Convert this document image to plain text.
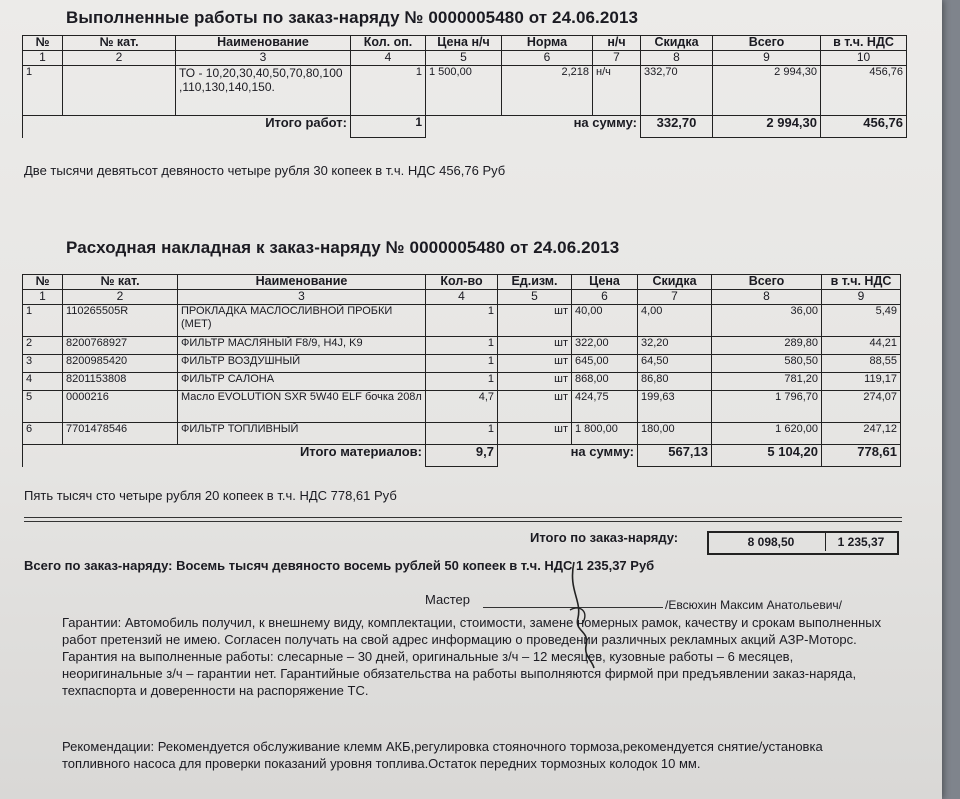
Выполненные работы по заказ-наряду № 0000005480 от 24.06.2013
№	№ кат.	Наименование	Кол. оп.	Цена н/ч	Норма	н/ч	Скидка	Всего	в т.ч. НДС
1	2	3	4	5	6	7	8	9	10
1		ТО - 10,20,30,40,50,70,80,100 ,110,130,140,150.	1	1 500,00	2,218	н/ч	332,70	2 994,30	456,76
Итого работ:			1	на сумму:			332,70	2 994,30	456,76
Две тысячи девятьсот девяносто четыре рубля 30 копеек в т.ч. НДС 456,76 Руб
Расходная накладная к заказ-наряду № 0000005480 от 24.06.2013
№	№ кат.	Наименование	Кол-во	Ед.изм.	Цена	Скидка	Всего	в т.ч. НДС
1	2	3	4	5	6	7	8	9
1	110265505R	ПРОКЛАДКА МАСЛОСЛИВНОЙ ПРОБКИ (МЕТ)	1	шт	40,00	4,00	36,00	5,49
2	8200768927	ФИЛЬТР МАСЛЯНЫЙ F8/9, H4J, K9	1	шт	322,00	32,20	289,80	44,21
3	8200985420	ФИЛЬТР ВОЗДУШНЫЙ	1	шт	645,00	64,50	580,50	88,55
4	8201153808	ФИЛЬТР САЛОНА	1	шт	868,00	86,80	781,20	119,17
5	0000216	Масло EVOLUTION SXR 5W40 ELF бочка 208л	4,7	шт	424,75	199,63	1 796,70	274,07
6	7701478546	ФИЛЬТР ТОПЛИВНЫЙ	1	шт	1 800,00	180,00	1 620,00	247,12
Итого материалов:			9,7	на сумму:		567,13	5 104,20	778,61
Пять тысяч сто четыре рубля 20 копеек в т.ч. НДС 778,61 Руб
Итого по заказ-наряду:	8 098,50	1 235,37
Всего по заказ-наряду: Восемь тысяч девяносто восемь рублей 50 копеек в т.ч. НДС 1 235,37 Руб
Мастер	/Евсюхин Максим Анатольевич/
Гарантии: Автомобиль получил, к внешнему виду, комплектации, стоимости, замене номерных рамок, качеству и срокам выполненных работ претензий не имею. Согласен получать на свой адрес информацию о проведении различных рекламных акций АЗР-Моторс. Гарантия на выполненные работы: слесарные – 30 дней, оригинальные з/ч – 12 месяцев, кузовные работы – 6 месяцев, неоригинальные з/ч – гарантии нет. Гарантийные обязательства на работы выполняются фирмой при предъявлении заказ-наряда, техпаспорта и доверенности на распоряжение ТС.
Рекомендации: Рекомендуется обслуживание клемм АКБ,регулировка стояночного тормоза,рекомендуется снятие/установка топливного насоса для проверки показаний уровня топлива.Остаток передних тормозных колодок 10 мм.
